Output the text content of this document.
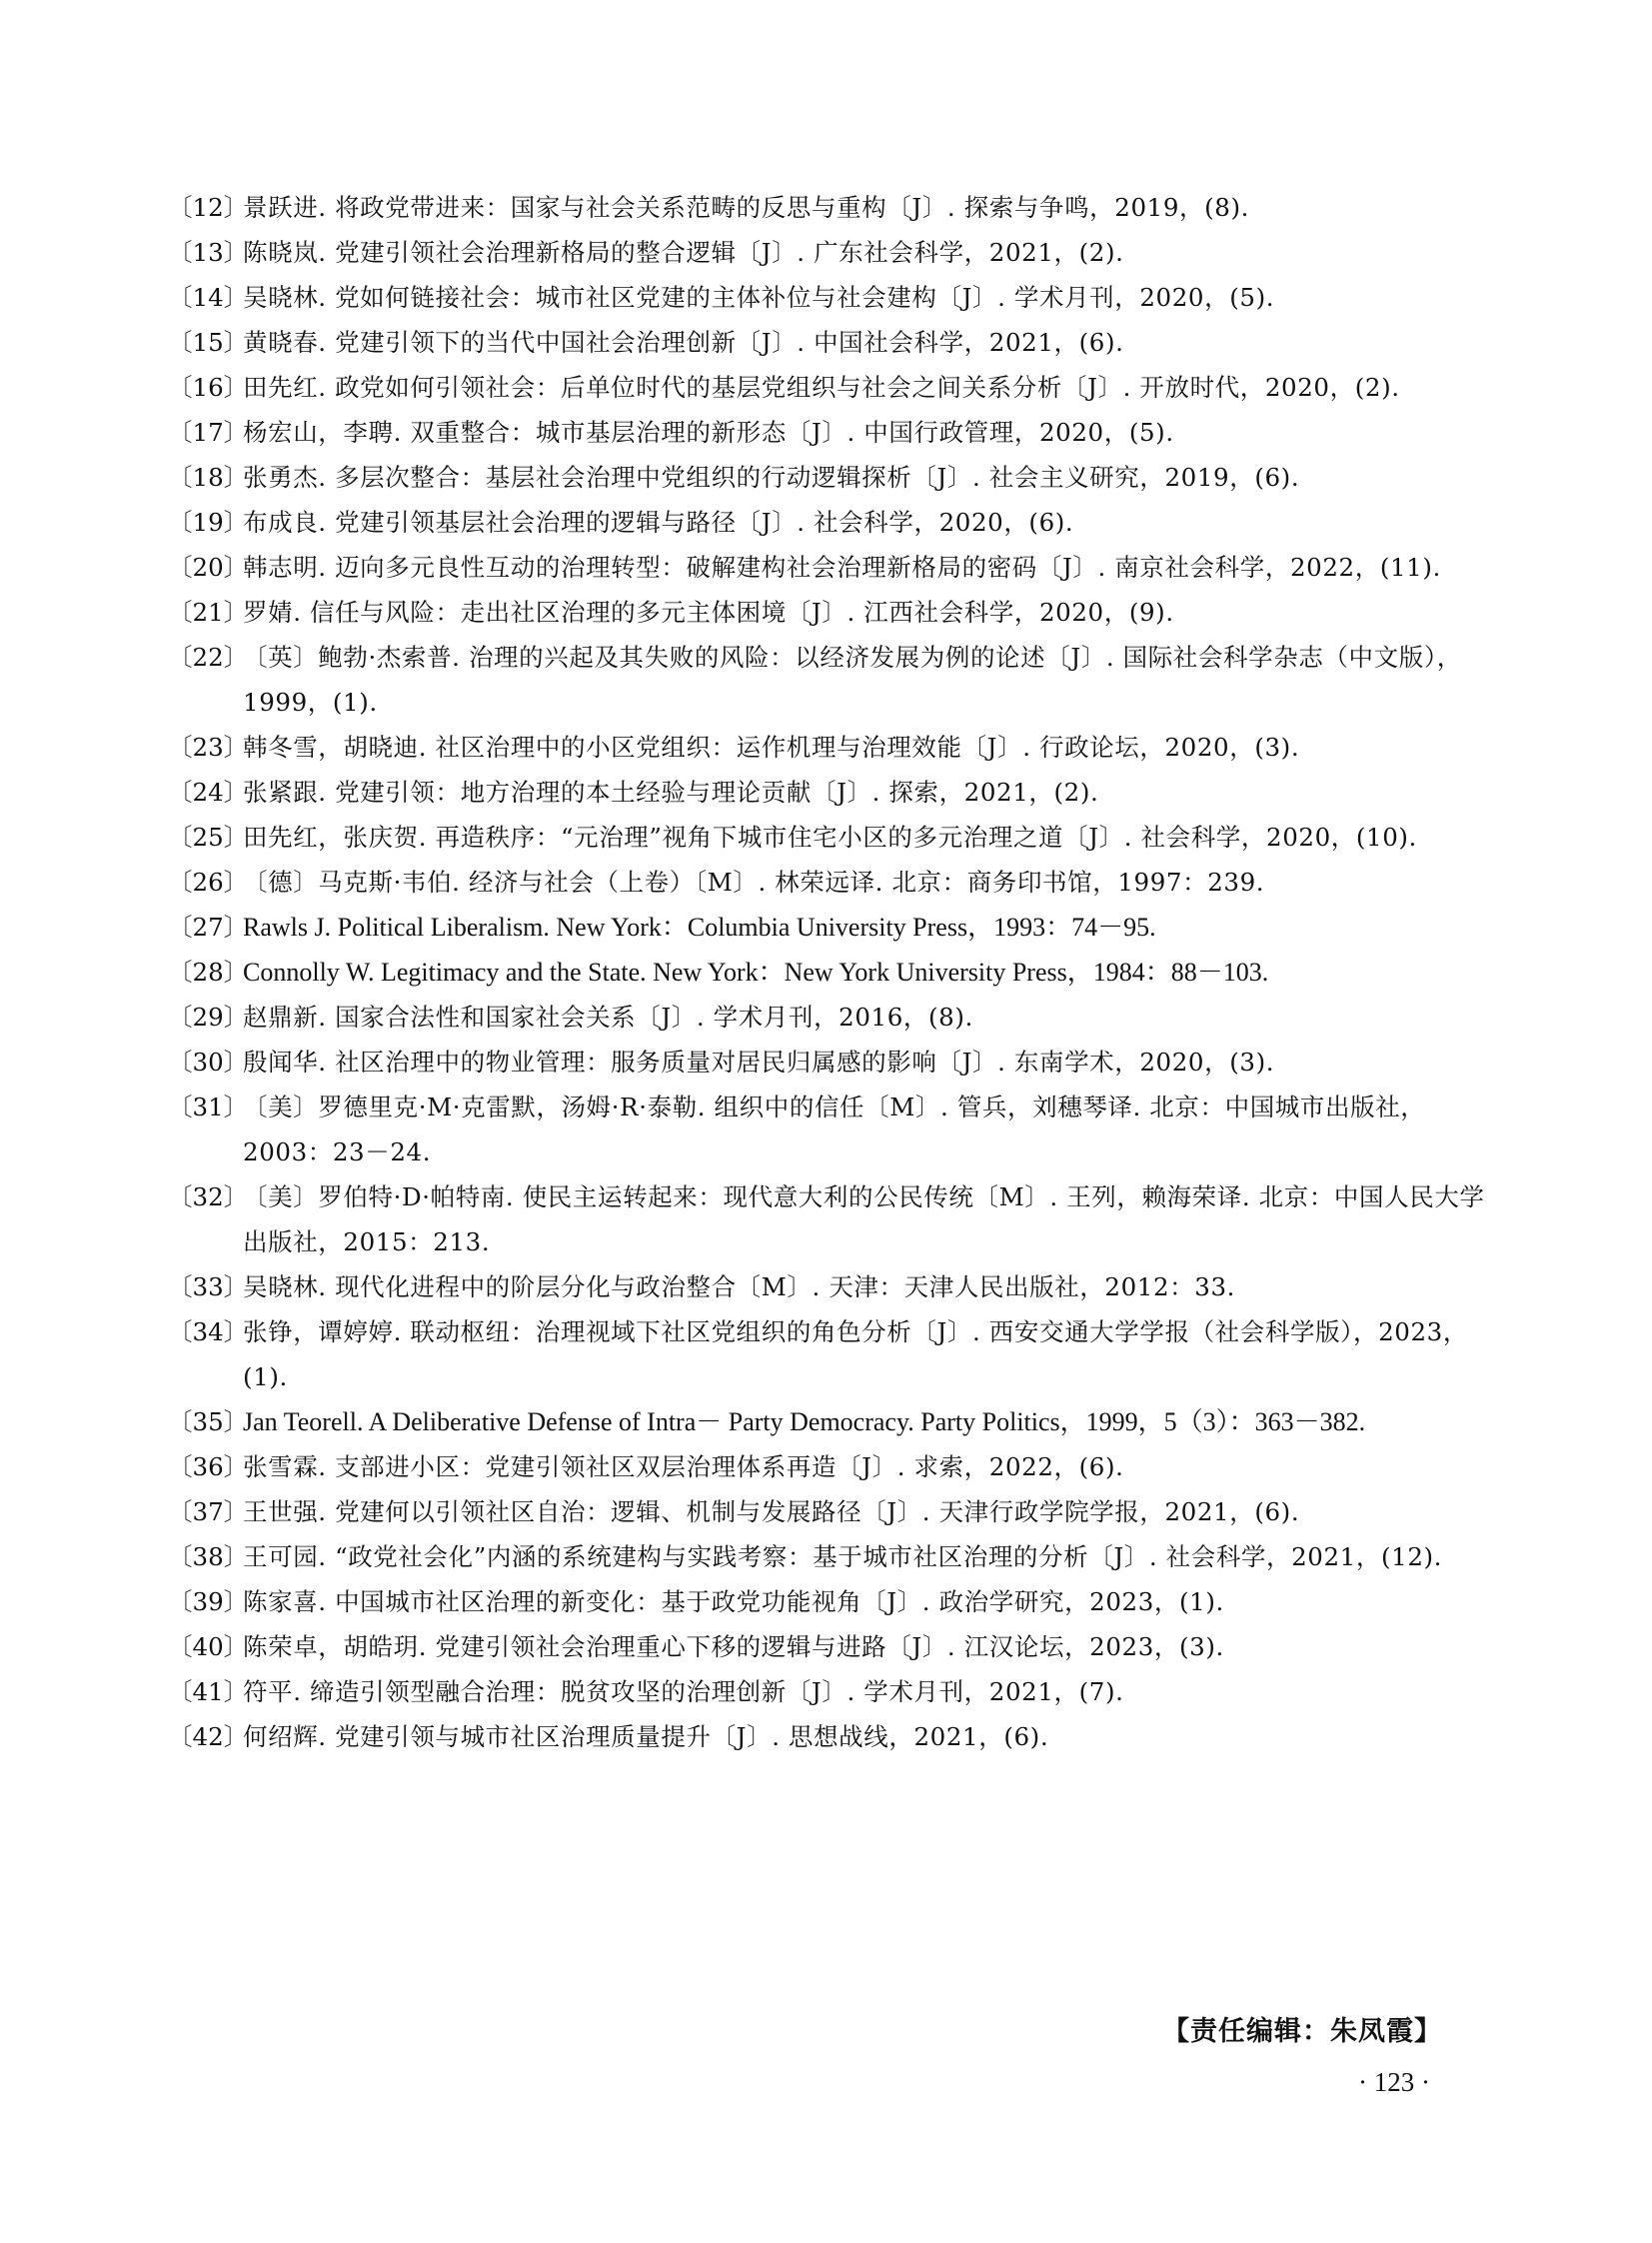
〔12〕
景跃进. 将政党带进来：国家与社会关系范畴的反思与重构〔J〕. 探索与争鸣，2019，(8).
〔13〕
陈晓岚. 党建引领社会治理新格局的整合逻辑〔J〕. 广东社会科学，2021，(2).
〔14〕
吴晓林. 党如何链接社会：城市社区党建的主体补位与社会建构〔J〕. 学术月刊，2020，(5).
〔15〕
黄晓春. 党建引领下的当代中国社会治理创新〔J〕. 中国社会科学，2021，(6).
〔16〕
田先红. 政党如何引领社会：后单位时代的基层党组织与社会之间关系分析〔J〕. 开放时代，2020，(2).
〔17〕
杨宏山，李聘. 双重整合：城市基层治理的新形态〔J〕. 中国行政管理，2020，(5).
〔18〕
张勇杰. 多层次整合：基层社会治理中党组织的行动逻辑探析〔J〕. 社会主义研究，2019，(6).
〔19〕
布成良. 党建引领基层社会治理的逻辑与路径〔J〕. 社会科学，2020，(6).
〔20〕
韩志明. 迈向多元良性互动的治理转型：破解建构社会治理新格局的密码〔J〕. 南京社会科学，2022，(11).
〔21〕
罗婧. 信任与风险：走出社区治理的多元主体困境〔J〕. 江西社会科学，2020，(9).
〔22〕
〔英〕鲍勃·杰索普. 治理的兴起及其失败的风险：以经济发展为例的论述〔J〕. 国际社会科学杂志（中文版），1999，(1).
〔23〕
韩冬雪，胡晓迪. 社区治理中的小区党组织：运作机理与治理效能〔J〕. 行政论坛，2020，(3).
〔24〕
张紧跟. 党建引领：地方治理的本土经验与理论贡献〔J〕. 探索，2021，(2).
〔25〕
田先红，张庆贺. 再造秩序：“元治理”视角下城市住宅小区的多元治理之道〔J〕. 社会科学，2020，(10).
〔26〕
〔德〕马克斯·韦伯. 经济与社会（上卷）〔M〕. 林荣远译. 北京：商务印书馆，1997：239.
〔27〕
Rawls J. Political Liberalism. New York：Columbia University Press，1993：74－95.
〔28〕
Connolly W. Legitimacy and the State. New York：New York University Press，1984：88－103.
〔29〕
赵鼎新. 国家合法性和国家社会关系〔J〕. 学术月刊，2016，(8).
〔30〕
殷闻华. 社区治理中的物业管理：服务质量对居民归属感的影响〔J〕. 东南学术，2020，(3).
〔31〕
〔美〕罗德里克·M·克雷默，汤姆·R·泰勒. 组织中的信任〔M〕. 管兵，刘穗琴译. 北京：中国城市出版社，2003：23－24.
〔32〕
〔美〕罗伯特·D·帕特南. 使民主运转起来：现代意大利的公民传统〔M〕. 王列，赖海荣译. 北京：中国人民大学出版社，2015：213.
〔33〕
吴晓林. 现代化进程中的阶层分化与政治整合〔M〕. 天津：天津人民出版社，2012：33.
〔34〕
张铮，谭婷婷. 联动枢纽：治理视域下社区党组织的角色分析〔J〕. 西安交通大学学报（社会科学版），2023，(1).
〔35〕
Jan Teorell. A Deliberative Defense of Intra－ Party Democracy. Party Politics，1999，5（3）：363－382.
〔36〕
张雪霖. 支部进小区：党建引领社区双层治理体系再造〔J〕. 求索，2022，(6).
〔37〕
王世强. 党建何以引领社区自治：逻辑、机制与发展路径〔J〕. 天津行政学院学报，2021，(6).
〔38〕
王可园. “政党社会化”内涵的系统建构与实践考察：基于城市社区治理的分析〔J〕. 社会科学，2021，(12).
〔39〕
陈家喜. 中国城市社区治理的新变化：基于政党功能视角〔J〕. 政治学研究，2023，(1).
〔40〕
陈荣卓，胡皓玥. 党建引领社会治理重心下移的逻辑与进路〔J〕. 江汉论坛，2023，(3).
〔41〕
符平. 缔造引领型融合治理：脱贫攻坚的治理创新〔J〕. 学术月刊，2021，(7).
〔42〕
何绍辉. 党建引领与城市社区治理质量提升〔J〕. 思想战线，2021，(6).
【责任编辑：朱凤霞】
· 123 ·
